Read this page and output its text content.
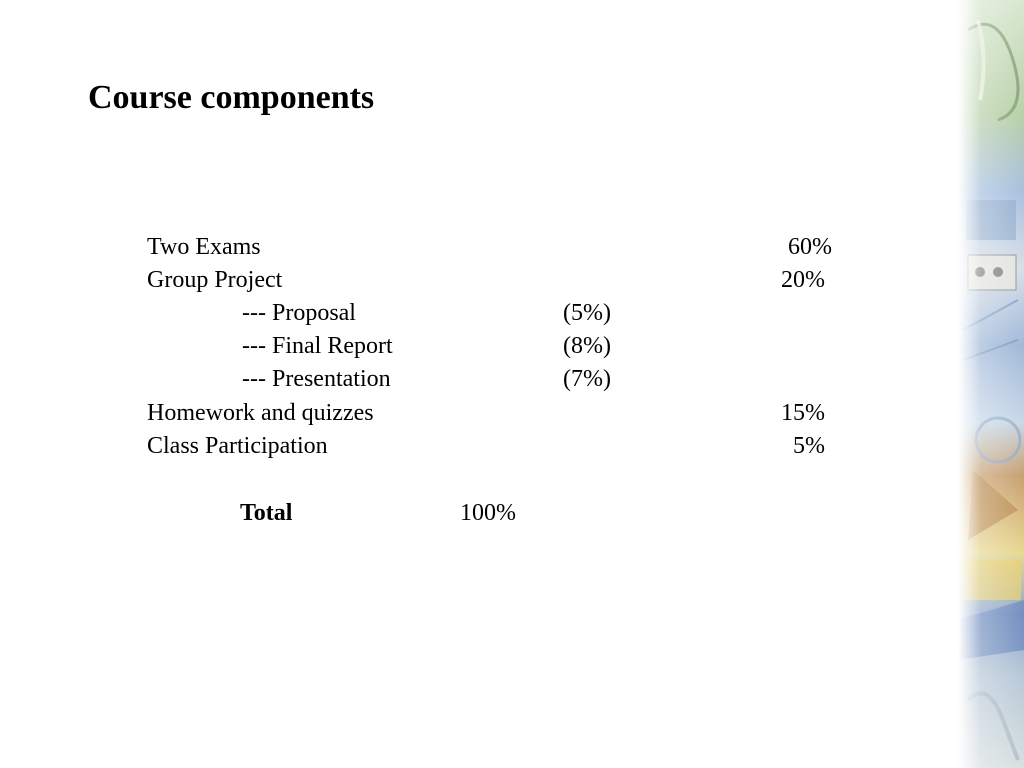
Course components
Two Exams	60%
Group Project	20%
--- Proposal	(5%)
--- Final Report	(8%)
--- Presentation	(7%)
Homework and quizzes	15%
Class Participation	5%
Total	100%
